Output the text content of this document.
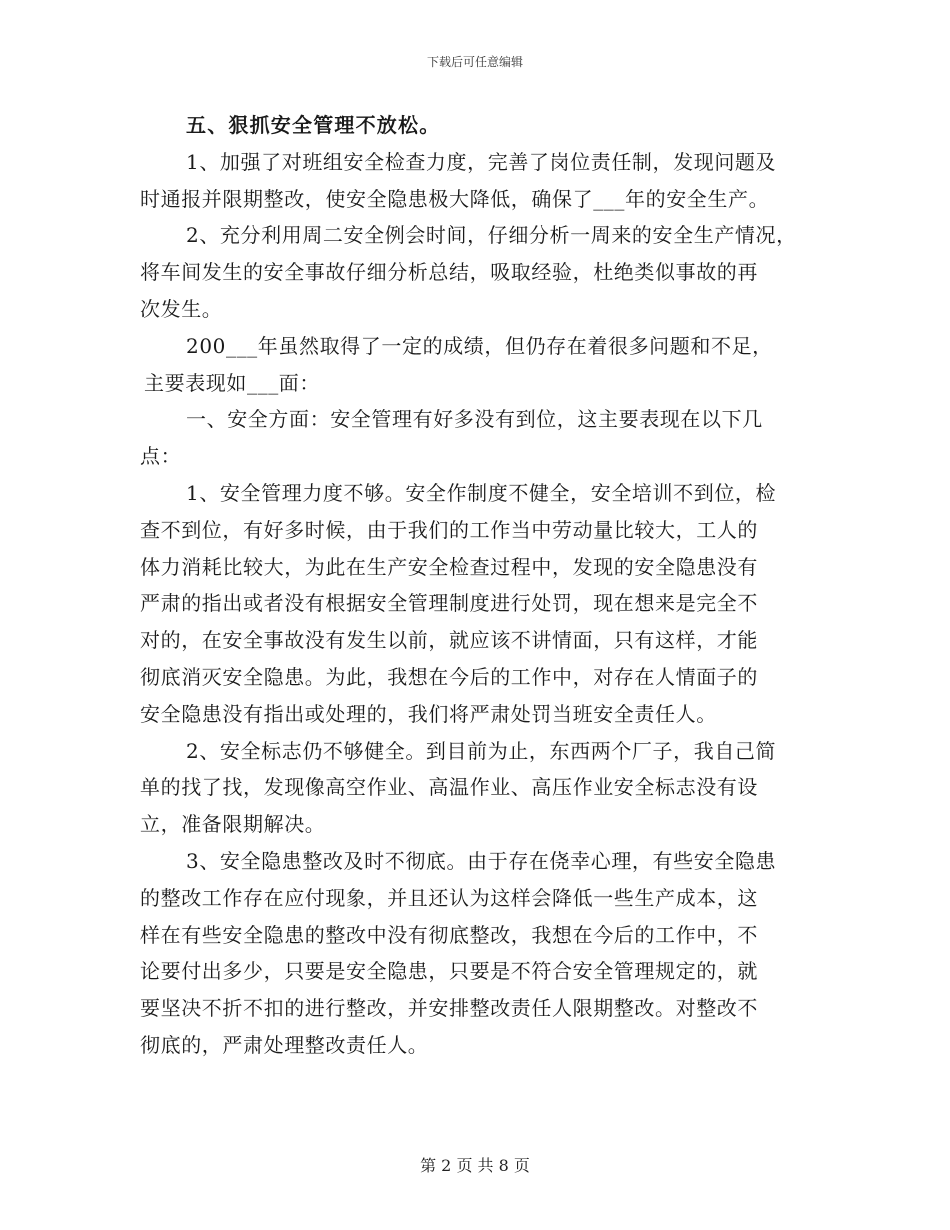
下载后可任意编辑
五、狠抓安全管理不放松。
1、加强了对班组安全检查力度，完善了岗位责任制，发现问题及
时通报并限期整改，使安全隐患极大降低，确保了___年的安全生产。
2、充分利用周二安全例会时间，仔细分析一周来的安全生产情况，
将车间发生的安全事故仔细分析总结，吸取经验，杜绝类似事故的再
次发生。
200___年虽然取得了一定的成绩，但仍存在着很多问题和不足，
主要表现如___面：
一、安全方面：安全管理有好多没有到位，这主要表现在以下几
点：
1、安全管理力度不够。安全作制度不健全，安全培训不到位，检
查不到位，有好多时候，由于我们的工作当中劳动量比较大，工人的
体力消耗比较大，为此在生产安全检查过程中，发现的安全隐患没有
严肃的指出或者没有根据安全管理制度进行处罚，现在想来是完全不
对的，在安全事故没有发生以前，就应该不讲情面，只有这样，才能
彻底消灭安全隐患。为此，我想在今后的工作中，对存在人情面子的
安全隐患没有指出或处理的，我们将严肃处罚当班安全责任人。
2、安全标志仍不够健全。到目前为止，东西两个厂子，我自己简
单的找了找，发现像高空作业、高温作业、高压作业安全标志没有设
立，准备限期解决。
3、安全隐患整改及时不彻底。由于存在侥幸心理，有些安全隐患
的整改工作存在应付现象，并且还认为这样会降低一些生产成本，这
样在有些安全隐患的整改中没有彻底整改，我想在今后的工作中，不
论要付出多少，只要是安全隐患，只要是不符合安全管理规定的，就
要坚决不折不扣的进行整改，并安排整改责任人限期整改。对整改不
彻底的，严肃处理整改责任人。
第 2 页 共 8 页
